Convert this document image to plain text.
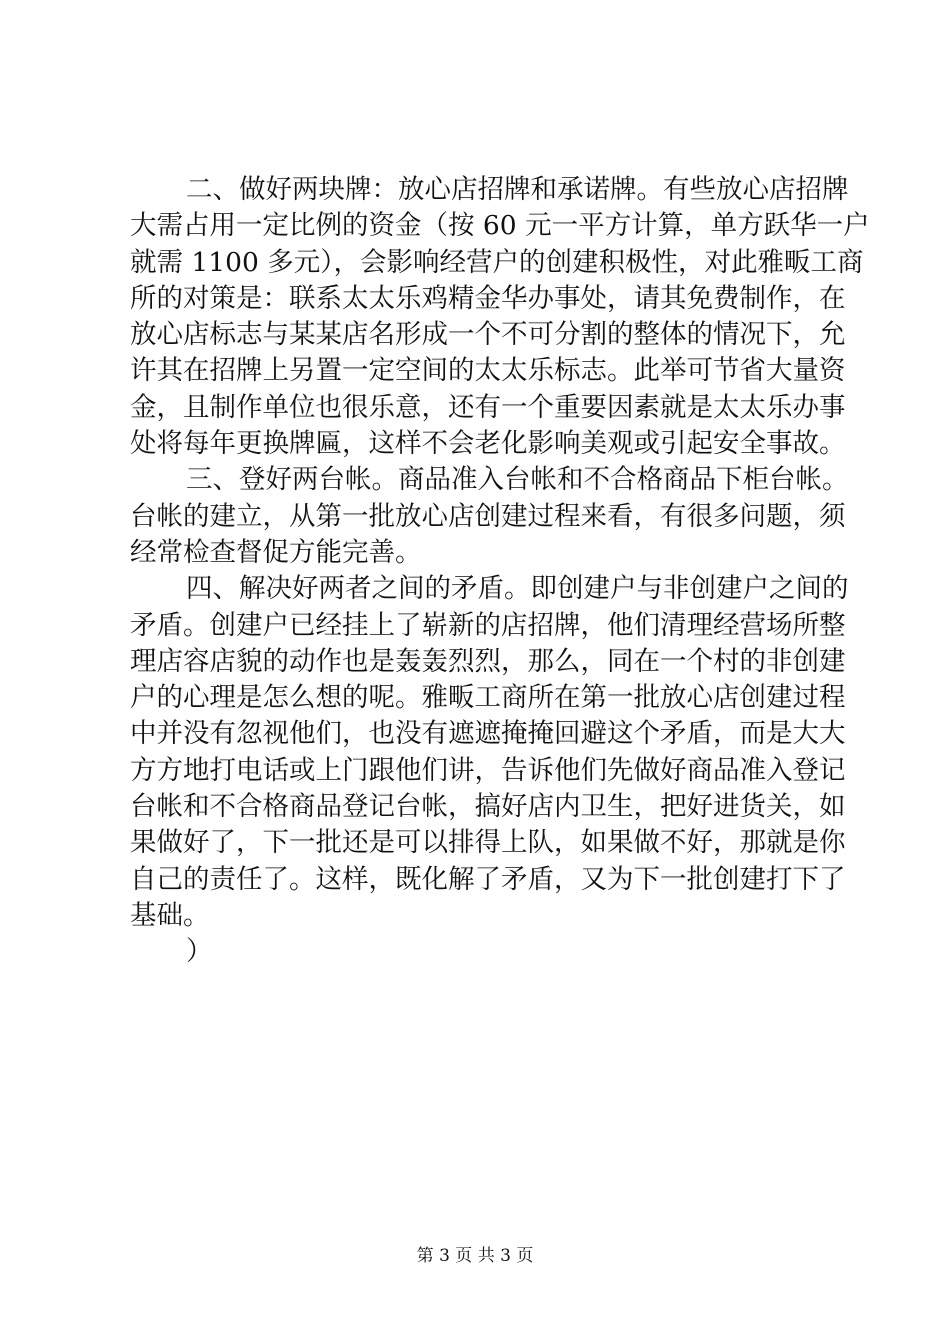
二、做好两块牌：放心店招牌和承诺牌。有些放心店招牌
大需占用一定比例的资金（按 60 元一平方计算，单方跃华一户
就需 1100 多元），会影响经营户的创建积极性，对此雅畈工商
所的对策是：联系太太乐鸡精金华办事处，请其免费制作，在
放心店标志与某某店名形成一个不可分割的整体的情况下，允
许其在招牌上另置一定空间的太太乐标志。此举可节省大量资
金，且制作单位也很乐意，还有一个重要因素就是太太乐办事
处将每年更换牌匾，这样不会老化影响美观或引起安全事故。
三、登好两台帐。商品准入台帐和不合格商品下柜台帐。
台帐的建立，从第一批放心店创建过程来看，有很多问题，须
经常检查督促方能完善。
四、解决好两者之间的矛盾。即创建户与非创建户之间的
矛盾。创建户已经挂上了崭新的店招牌，他们清理经营场所整
理店容店貌的动作也是轰轰烈烈，那么，同在一个村的非创建
户的心理是怎么想的呢。雅畈工商所在第一批放心店创建过程
中并没有忽视他们，也没有遮遮掩掩回避这个矛盾，而是大大
方方地打电话或上门跟他们讲，告诉他们先做好商品准入登记
台帐和不合格商品登记台帐，搞好店内卫生，把好进货关，如
果做好了，下一批还是可以排得上队，如果做不好，那就是你
自己的责任了。这样，既化解了矛盾，又为下一批创建打下了
基础。
）
第 3 页 共 3 页
